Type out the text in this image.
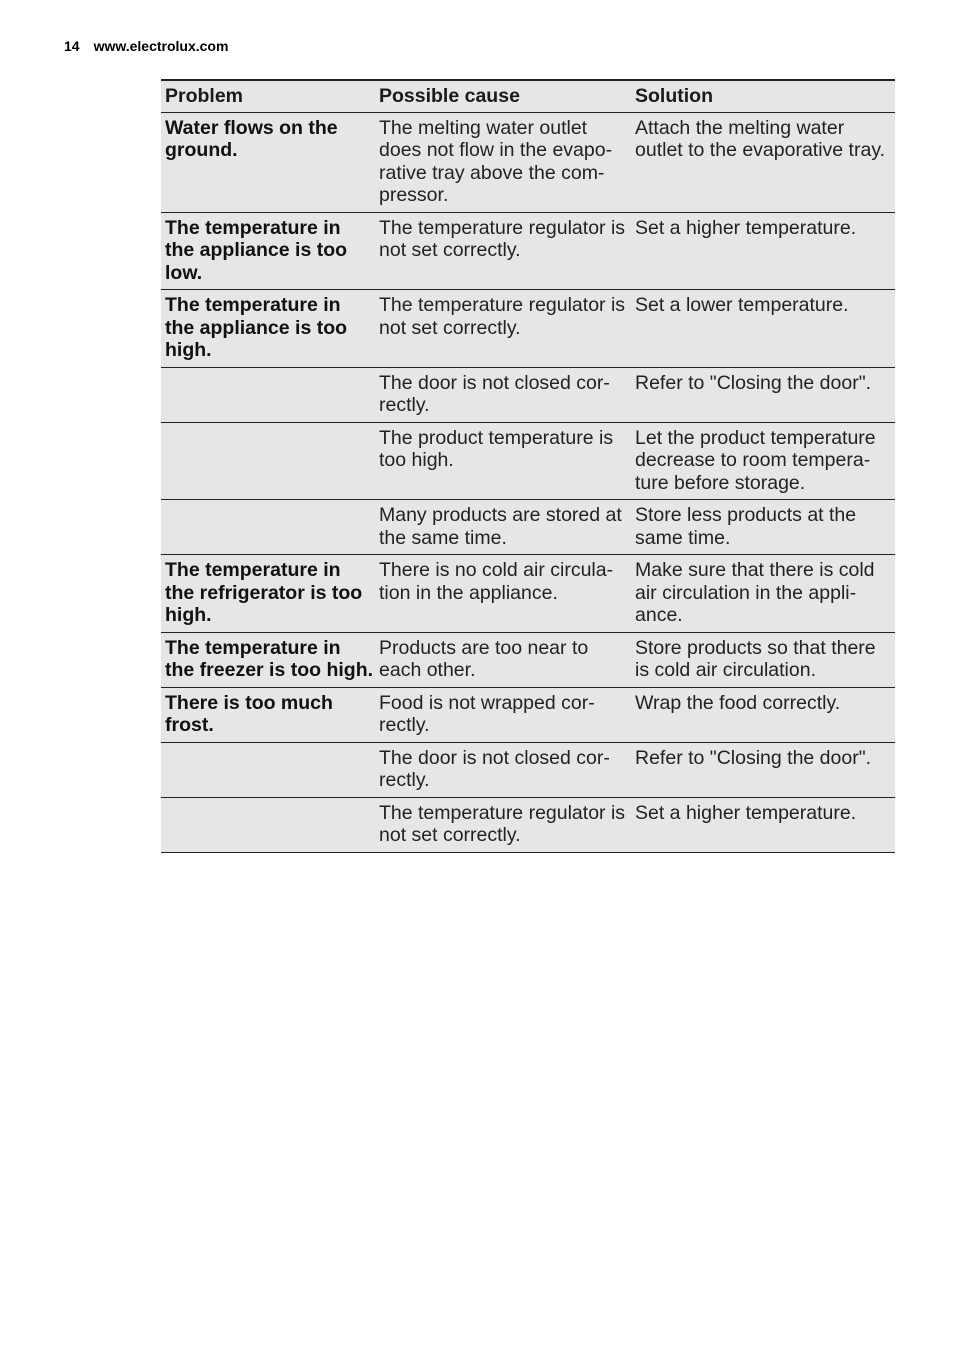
14 www.electrolux.com
Problem	Possible cause	Solution
Water flows on the ground.	The melting water outlet does not flow in the evapo-rative tray above the com-pressor.	Attach the melting water outlet to the evaporative tray.
The temperature in the appliance is too low.	The temperature regulator is not set correctly.	Set a higher temperature.
The temperature in the appliance is too high.	The temperature regulator is not set correctly.	Set a lower temperature.
	The door is not closed cor-rectly.	Refer to "Closing the door".
	The product temperature is too high.	Let the product temperature decrease to room tempera-ture before storage.
	Many products are stored at the same time.	Store less products at the same time.
The temperature in the refrigerator is too high.	There is no cold air circula-tion in the appliance.	Make sure that there is cold air circulation in the appli-ance.
The temperature in the freezer is too high.	Products are too near to each other.	Store products so that there is cold air circulation.
There is too much frost.	Food is not wrapped cor-rectly.	Wrap the food correctly.
	The door is not closed cor-rectly.	Refer to "Closing the door".
	The temperature regulator is not set correctly.	Set a higher temperature.
